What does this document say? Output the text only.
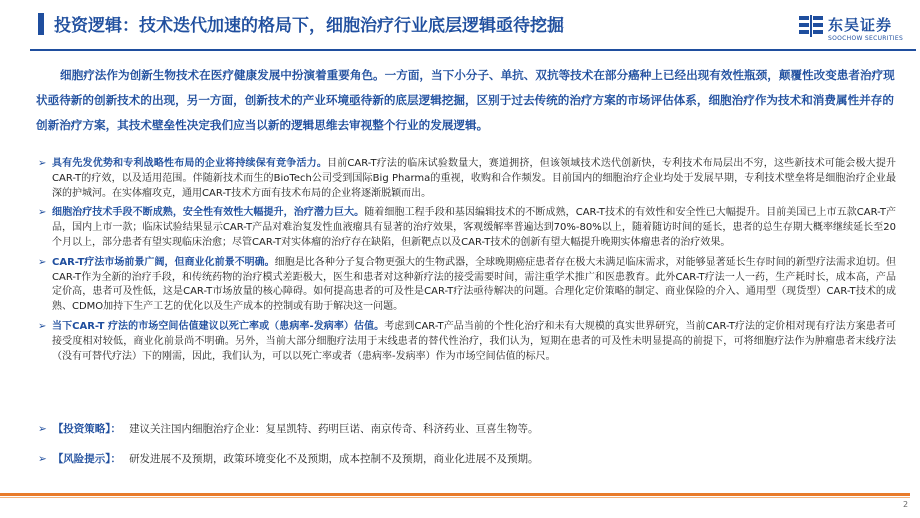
投资逻辑：技术迭代加速的格局下，细胞治疗行业底层逻辑亟待挖掘	东吴证券
SOOCHOW SECURITIES
细胞疗法作为创新生物技术在医疗健康发展中扮演着重要角色。一方面，当下小分子、单抗、双抗等技术在部分癌种上已经出现有效性瓶颈，颠覆性改变患者治疗现状亟待新的创新技术的出现，另一方面，创新技术的产业环境亟待新的底层逻辑挖掘，区别于过去传统的治疗方案的市场评估体系，细胞治疗作为技术和消费属性并存的创新治疗方案，其技术壁垒性决定我们应当以新的逻辑思维去审视整个行业的发展逻辑。
➢ 具有先发优势和专利战略性布局的企业将持续保有竞争活力。目前CAR-T疗法的临床试验数量大，赛道拥挤，但该领域技术迭代创新快，专利技术布局层出不穷，这些新技术可能会极大提升CAR-T的疗效，以及适用范围。伴随新技术而生的BioTech公司受到国际Big Pharma的重视，收购和合作频发。目前国内的细胞治疗企业均处于发展早期，专利技术壁垒将是细胞治疗企业最深的护城河。在实体瘤攻克，通用CAR-T技术方面有技术布局的企业将逐渐脱颖而出。
➢ 细胞治疗技术手段不断成熟，安全性有效性大幅提升，治疗潜力巨大。随着细胞工程手段和基因编辑技术的不断成熟，CAR-T技术的有效性和安全性已大幅提升。目前美国已上市五款CAR-T产品，国内上市一款；临床试验结果显示CAR-T产品对难治复发性血液瘤具有显著的治疗效果，客观缓解率普遍达到70%-80%以上，随着随访时间的延长，患者的总生存期大概率继续延长至20个月以上，部分患者有望实现临床治愈；尽管CAR-T对实体瘤的治疗存在缺陷，但新靶点以及CAR-T技术的创新有望大幅提升晚期实体瘤患者的治疗效果。
➢ CAR-T疗法市场前景广阔，但商业化前景不明确。细胞是比各种分子复合物更强大的生物武器，全球晚期癌症患者存在极大未满足临床需求，对能够显著延长生存时间的新型疗法需求迫切。但CAR-T作为全新的治疗手段，和传统药物的治疗模式差距极大，医生和患者对这种新疗法的接受需要时间，需注重学术推广和医患教育。此外CAR-T疗法一人一药，生产耗时长，成本高，产品定价高，患者可及性低，这是CAR-T市场放量的核心障碍。如何提高患者的可及性是CAR-T疗法亟待解决的问题。合理化定价策略的制定、商业保险的介入、通用型（现货型）CAR-T技术的成熟、CDMO加持下生产工艺的优化以及生产成本的控制或有助于解决这一问题。
➢ 当下CAR-T 疗法的市场空间估值建议以死亡率或（患病率-发病率）估值。考虑到CAR-T产品当前的个性化治疗和未有大规模的真实世界研究，当前CAR-T疗法的定价相对现有疗法方案患者可接受度相对较低，商业化前景尚不明确。另外，当前大部分细胞疗法用于末线患者的替代性治疗，我们认为，短期在患者的可及性未明显提高的前提下，可将细胞疗法作为肿瘤患者末线疗法（没有可替代疗法）下的刚需，因此，我们认为，可以以死亡率或者（患病率-发病率）作为市场空间估值的标尺。
➢ 【投资策略】： 建议关注国内细胞治疗企业：复星凯特、药明巨诺、南京传奇、科济药业、亘喜生物等。
➢ 【风险提示】： 研发进展不及预期，政策环境变化不及预期，成本控制不及预期，商业化进展不及预期。
2
